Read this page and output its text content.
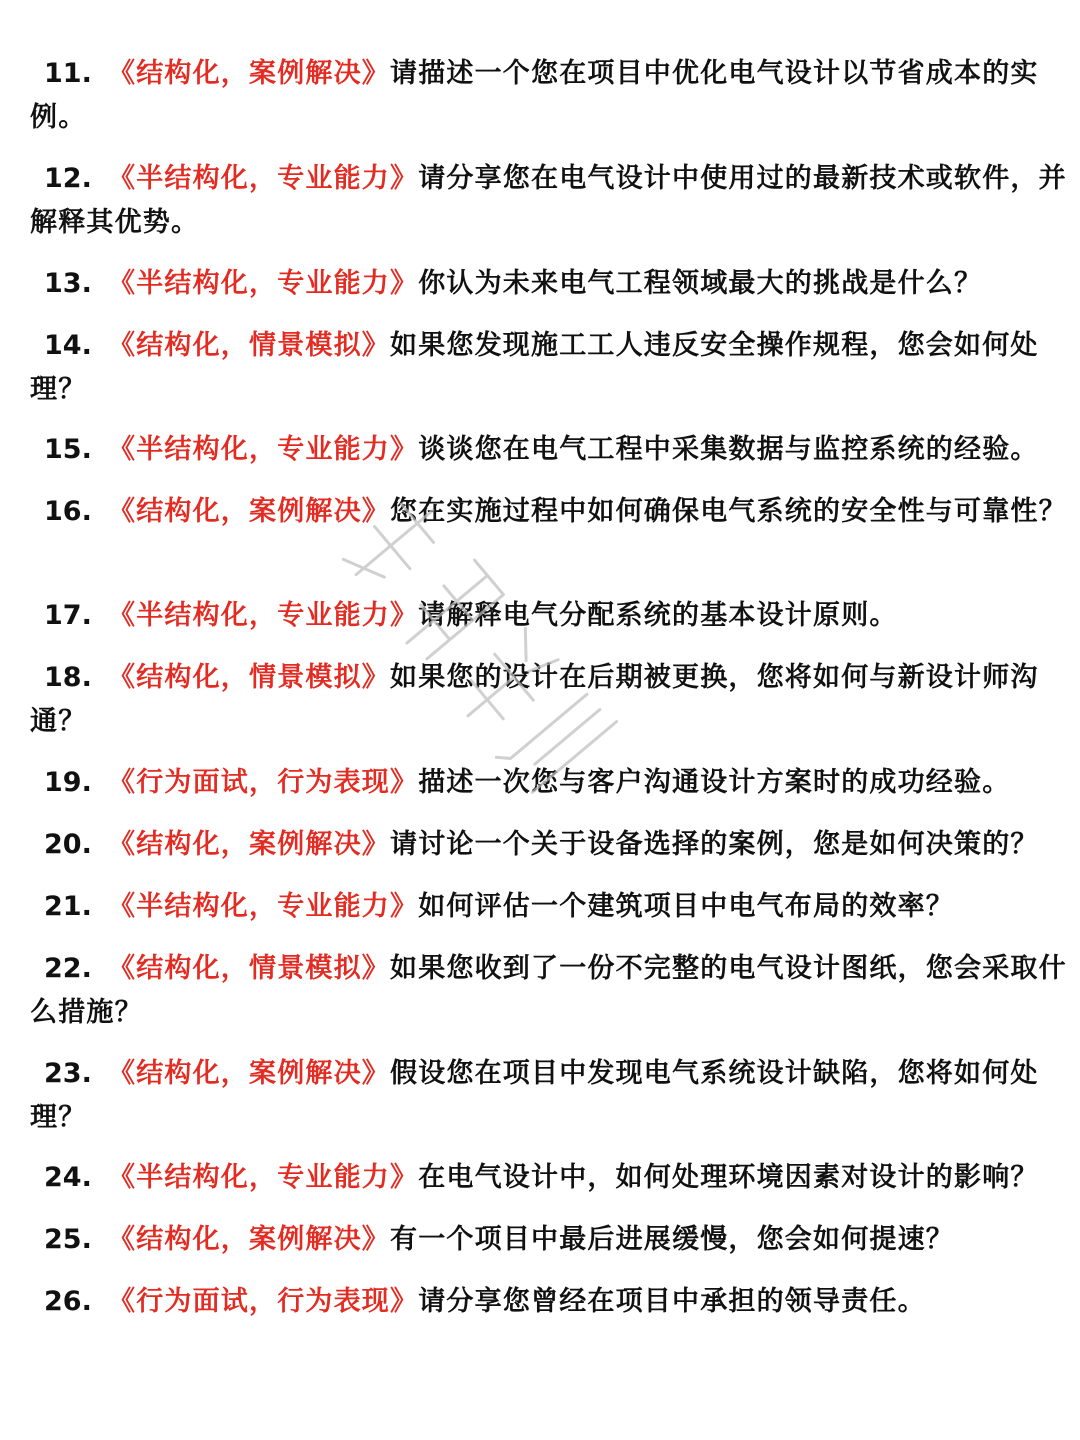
11. 《结构化，案例解决》请描述一个您在项目中优化电气设计以节省成本的实例。

12. 《半结构化，专业能力》请分享您在电气设计中使用过的最新技术或软件，并解释其优势。

13. 《半结构化，专业能力》你认为未来电气工程领域最大的挑战是什么？

14. 《结构化，情景模拟》如果您发现施工工人违反安全操作规程，您会如何处理？

15. 《半结构化，专业能力》谈谈您在电气工程中采集数据与监控系统的经验。

16. 《结构化，案例解决》您在实施过程中如何确保电气系统的安全性与可靠性？

17. 《半结构化，专业能力》请解释电气分配系统的基本设计原则。

18. 《结构化，情景模拟》如果您的设计在后期被更换，您将如何与新设计师沟通？

19. 《行为面试，行为表现》描述一次您与客户沟通设计方案时的成功经验。

20. 《结构化，案例解决》请讨论一个关于设备选择的案例，您是如何决策的？

21. 《半结构化，专业能力》如何评估一个建筑项目中电气布局的效率？

22. 《结构化，情景模拟》如果您收到了一份不完整的电气设计图纸，您会采取什么措施？

23. 《结构化，案例解决》假设您在项目中发现电气系统设计缺陷，您将如何处理？

24. 《半结构化，专业能力》在电气设计中，如何处理环境因素对设计的影响？

25. 《结构化，案例解决》有一个项目中最后进展缓慢，您会如何提速？

26. 《行为面试，行为表现》请分享您曾经在项目中承担的领导责任。
